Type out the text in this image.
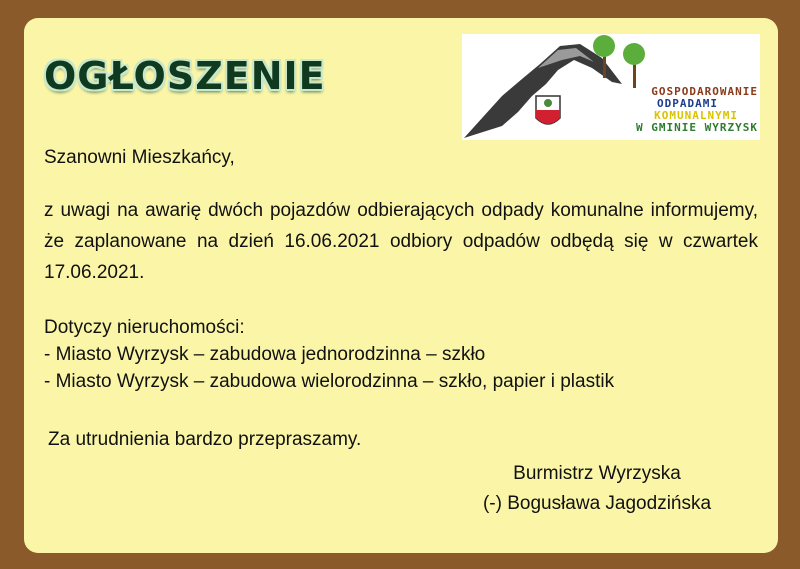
OGŁOSZENIE	GOSPODAROWANIE
ODPADAMI
KOMUNALNYMI
W GMINIE WYRZYSK
Szanowni Mieszkańcy,
z uwagi na awarię dwóch pojazdów odbierających odpady komunalne informujemy, że zaplanowane na dzień 16.06.2021 odbiory odpadów odbędą się w czwartek 17.06.2021.
Dotyczy nieruchomości:
- Miasto Wyrzysk – zabudowa jednorodzinna – szkło
- Miasto Wyrzysk – zabudowa wielorodzinna – szkło, papier i plastik
Za utrudnienia bardzo przepraszamy.
Burmistrz Wyrzyska
(-) Bogusława Jagodzińska
